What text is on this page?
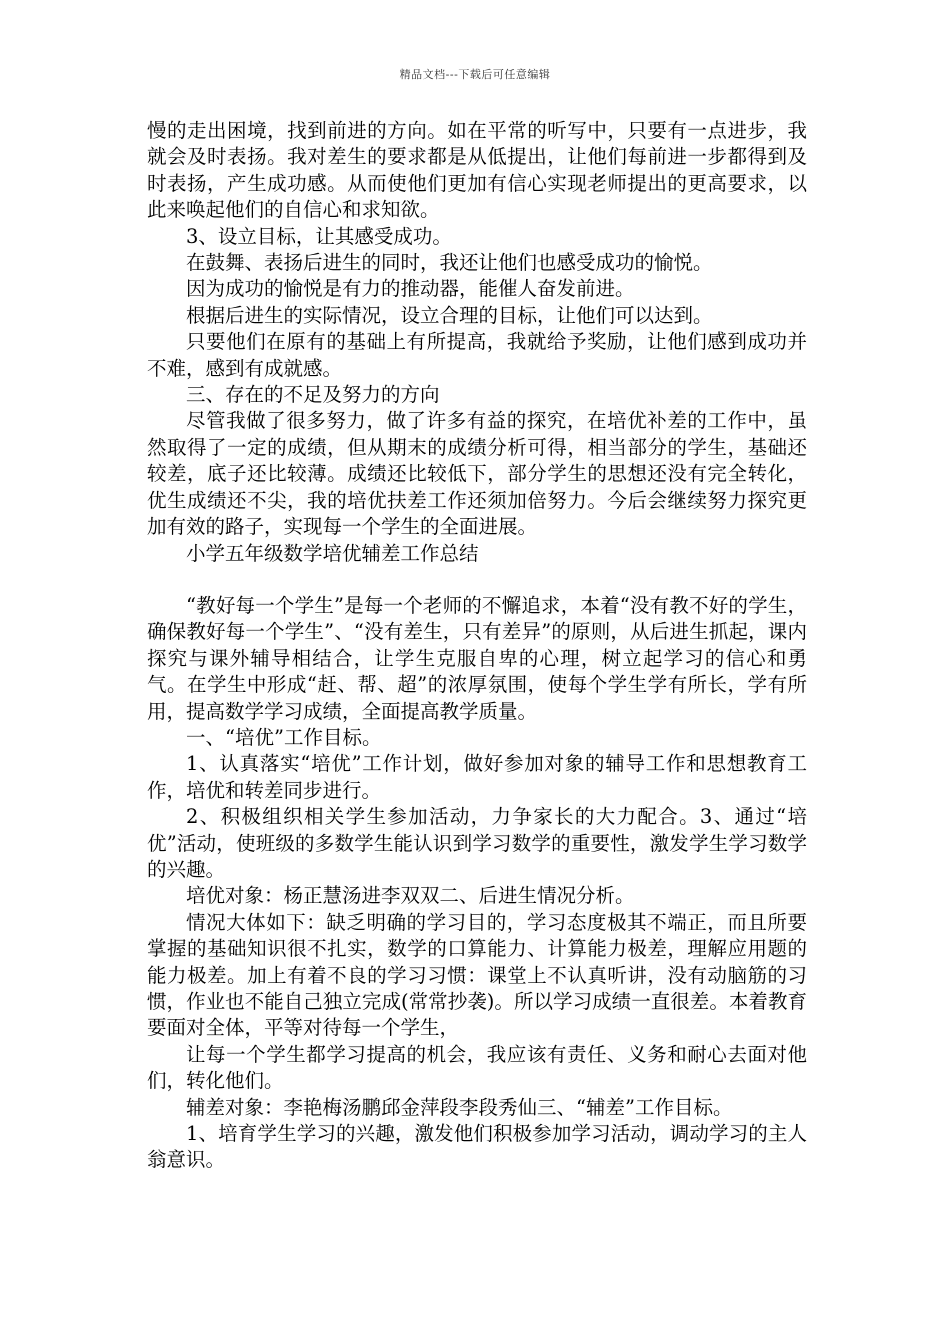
精品文档---下载后可任意编辑

慢的走出困境，找到前进的方向。如在平常的听写中，只要有一点进步，我就会及时表扬。我对差生的要求都是从低提出，让他们每前进一步都得到及时表扬，产生成功感。从而使他们更加有信心实现老师提出的更高要求，以此来唤起他们的自信心和求知欲。

3、设立目标，让其感受成功。

在鼓舞、表扬后进生的同时，我还让他们也感受成功的愉悦。

因为成功的愉悦是有力的推动器，能催人奋发前进。

根据后进生的实际情况，设立合理的目标，让他们可以达到。

只要他们在原有的基础上有所提高，我就给予奖励，让他们感到成功并不难，感到有成就感。

三、存在的不足及努力的方向

尽管我做了很多努力，做了许多有益的探究，在培优补差的工作中，虽然取得了一定的成绩，但从期末的成绩分析可得，相当部分的学生，基础还较差，底子还比较薄。成绩还比较低下，部分学生的思想还没有完全转化，优生成绩还不尖，我的培优扶差工作还须加倍努力。今后会继续努力探究更加有效的路子，实现每一个学生的全面进展。

小学五年级数学培优辅差工作总结

“教好每一个学生”是每一个老师的不懈追求，本着“没有教不好的学生，确保教好每一个学生”、“没有差生，只有差异”的原则，从后进生抓起，课内探究与课外辅导相结合，让学生克服自卑的心理，树立起学习的信心和勇气。在学生中形成“赶、帮、超”的浓厚氛围，使每个学生学有所长，学有所用，提高数学学习成绩，全面提高教学质量。

一、“培优”工作目标。

1、认真落实“培优”工作计划，做好参加对象的辅导工作和思想教育工作，培优和转差同步进行。

2、积极组织相关学生参加活动，力争家长的大力配合。3、通过“培优”活动，使班级的多数学生能认识到学习数学的重要性，激发学生学习数学的兴趣。

培优对象：杨正慧汤进李双双二、后进生情况分析。

情况大体如下：缺乏明确的学习目的，学习态度极其不端正，而且所要掌握的基础知识很不扎实，数学的口算能力、计算能力极差，理解应用题的能力极差。加上有着不良的学习习惯：课堂上不认真听讲，没有动脑筋的习惯，作业也不能自己独立完成(常常抄袭)。所以学习成绩一直很差。本着教育要面对全体，平等对待每一个学生，

让每一个学生都学习提高的机会，我应该有责任、义务和耐心去面对他们，转化他们。

辅差对象：李艳梅汤鹏邱金萍段李段秀仙三、“辅差”工作目标。

1、培育学生学习的兴趣，激发他们积极参加学习活动，调动学习的主人翁意识。
